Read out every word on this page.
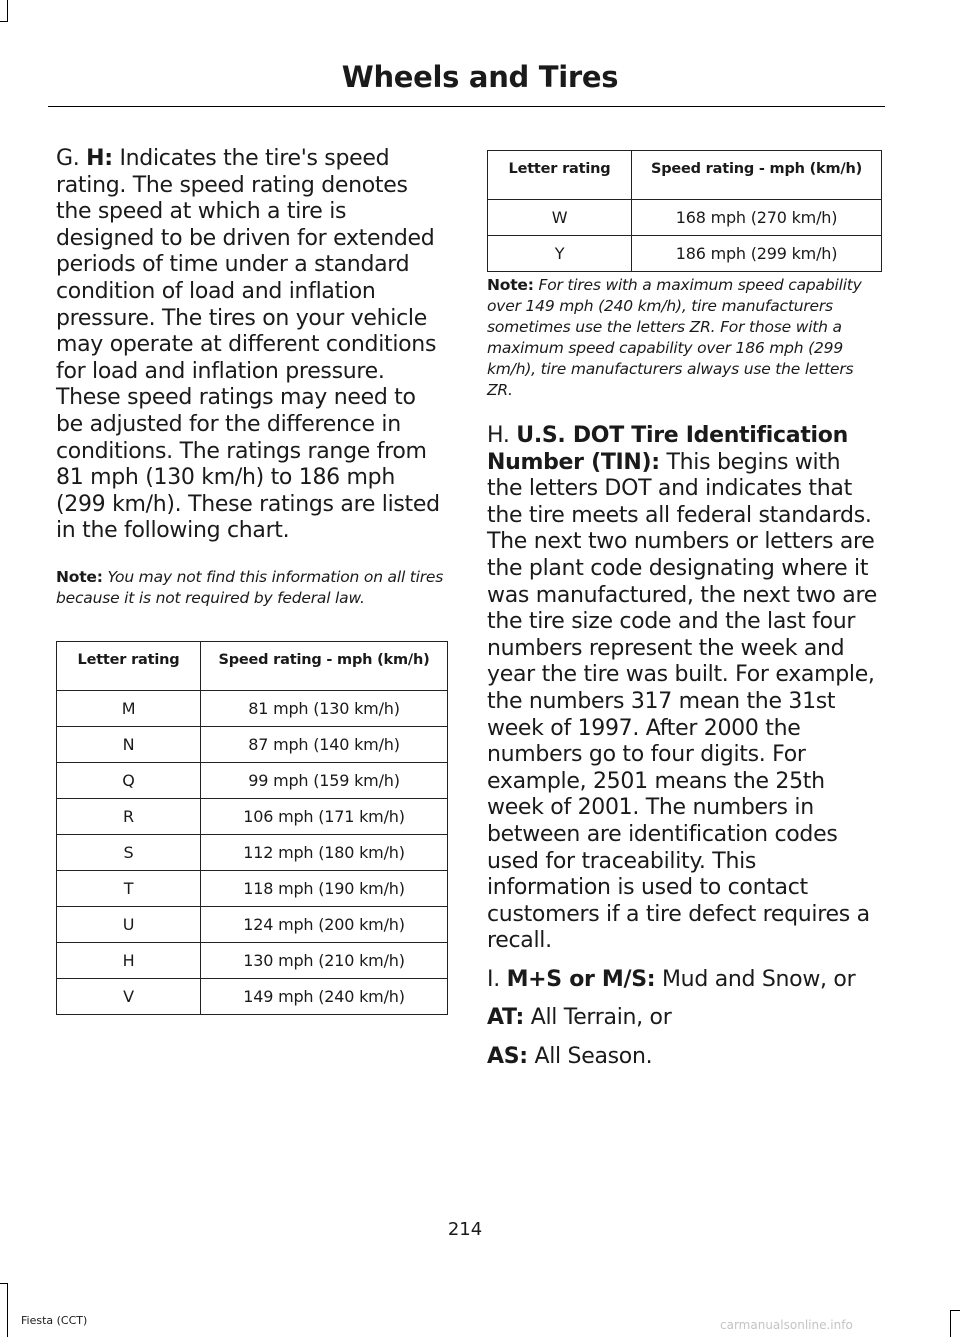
Wheels and Tires

G. H: Indicates the tire's speed rating. The speed rating denotes the speed at which a tire is designed to be driven for extended periods of time under a standard condition of load and inflation pressure. The tires on your vehicle may operate at different conditions for load and inflation pressure. These speed ratings may need to be adjusted for the difference in conditions. The ratings range from 81 mph (130 km/h) to 186 mph (299 km/h). These ratings are listed in the following chart.

Note: You may not find this information on all tires because it is not required by federal law.

Letter rating	Speed rating - mph (km/h)
M	81 mph (130 km/h)
N	87 mph (140 km/h)
Q	99 mph (159 km/h)
R	106 mph (171 km/h)
S	112 mph (180 km/h)
T	118 mph (190 km/h)
U	124 mph (200 km/h)
H	130 mph (210 km/h)
V	149 mph (240 km/h)
Letter rating	Speed rating - mph (km/h)
W	168 mph (270 km/h)
Y	186 mph (299 km/h)

Note: For tires with a maximum speed capability over 149 mph (240 km/h), tire manufacturers sometimes use the letters ZR. For those with a maximum speed capability over 186 mph (299 km/h), tire manufacturers always use the letters ZR.

H. U.S. DOT Tire Identification Number (TIN): This begins with the letters DOT and indicates that the tire meets all federal standards. The next two numbers or letters are the plant code designating where it was manufactured, the next two are the tire size code and the last four numbers represent the week and year the tire was built. For example, the numbers 317 mean the 31st week of 1997. After 2000 the numbers go to four digits. For example, 2501 means the 25th week of 2001. The numbers in between are identification codes used for traceability. This information is used to contact customers if a tire defect requires a recall.

I. M+S or M/S: Mud and Snow, or

AT: All Terrain, or

AS: All Season.

214
Fiesta (CCT)	carmanualsonline.info
